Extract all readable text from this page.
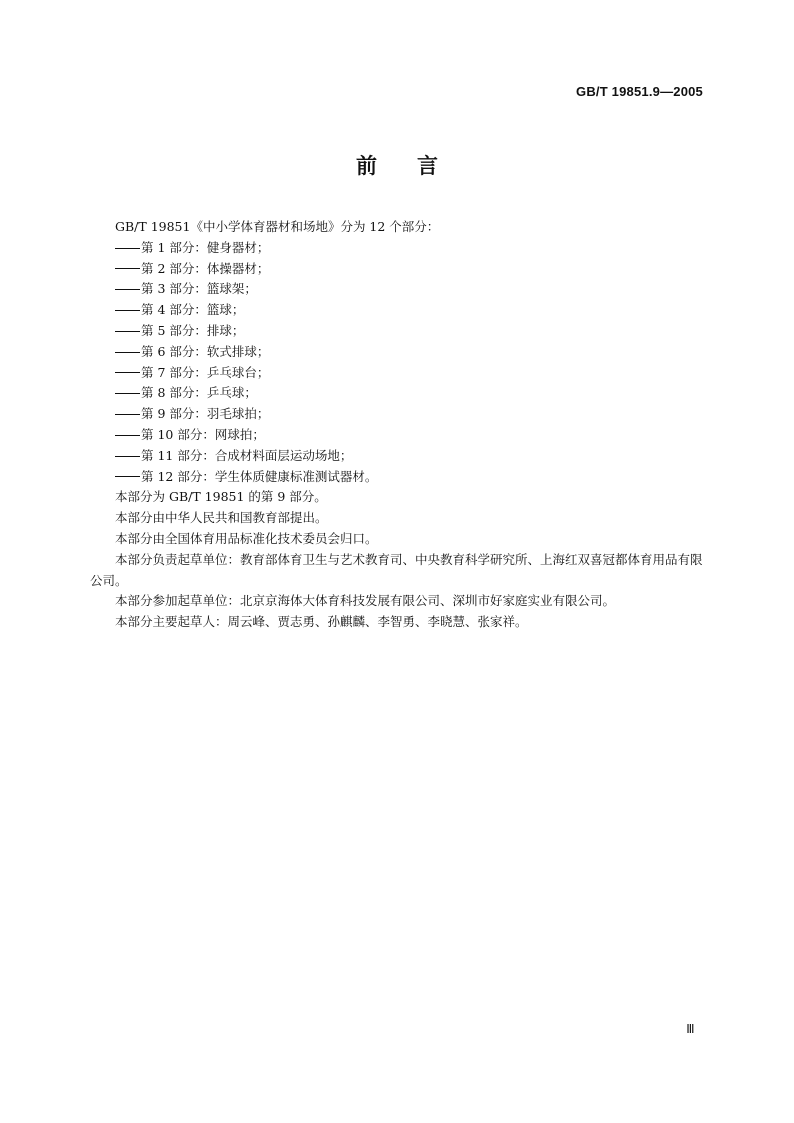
GB/T 19851.9—2005
前言

GB/T 19851《中小学体育器材和场地》分为 12 个部分：

第 1 部分：健身器材；
第 2 部分：体操器材；
第 3 部分：篮球架；
第 4 部分：篮球；
第 5 部分：排球；
第 6 部分：软式排球；
第 7 部分：乒乓球台；
第 8 部分：乒乓球；
第 9 部分：羽毛球拍；
第 10 部分：网球拍；
第 11 部分：合成材料面层运动场地；
第 12 部分：学生体质健康标准测试器材。

本部分为 GB/T 19851 的第 9 部分。

本部分由中华人民共和国教育部提出。

本部分由全国体育用品标准化技术委员会归口。

本部分负责起草单位：教育部体育卫生与艺术教育司、中央教育科学研究所、上海红双喜冠都体育用品有限公司。

本部分参加起草单位：北京京海体大体育科技发展有限公司、深圳市好家庭实业有限公司。

本部分主要起草人：周云峰、贾志勇、孙麒麟、李智勇、李晓慧、张家祥。

Ⅲ
